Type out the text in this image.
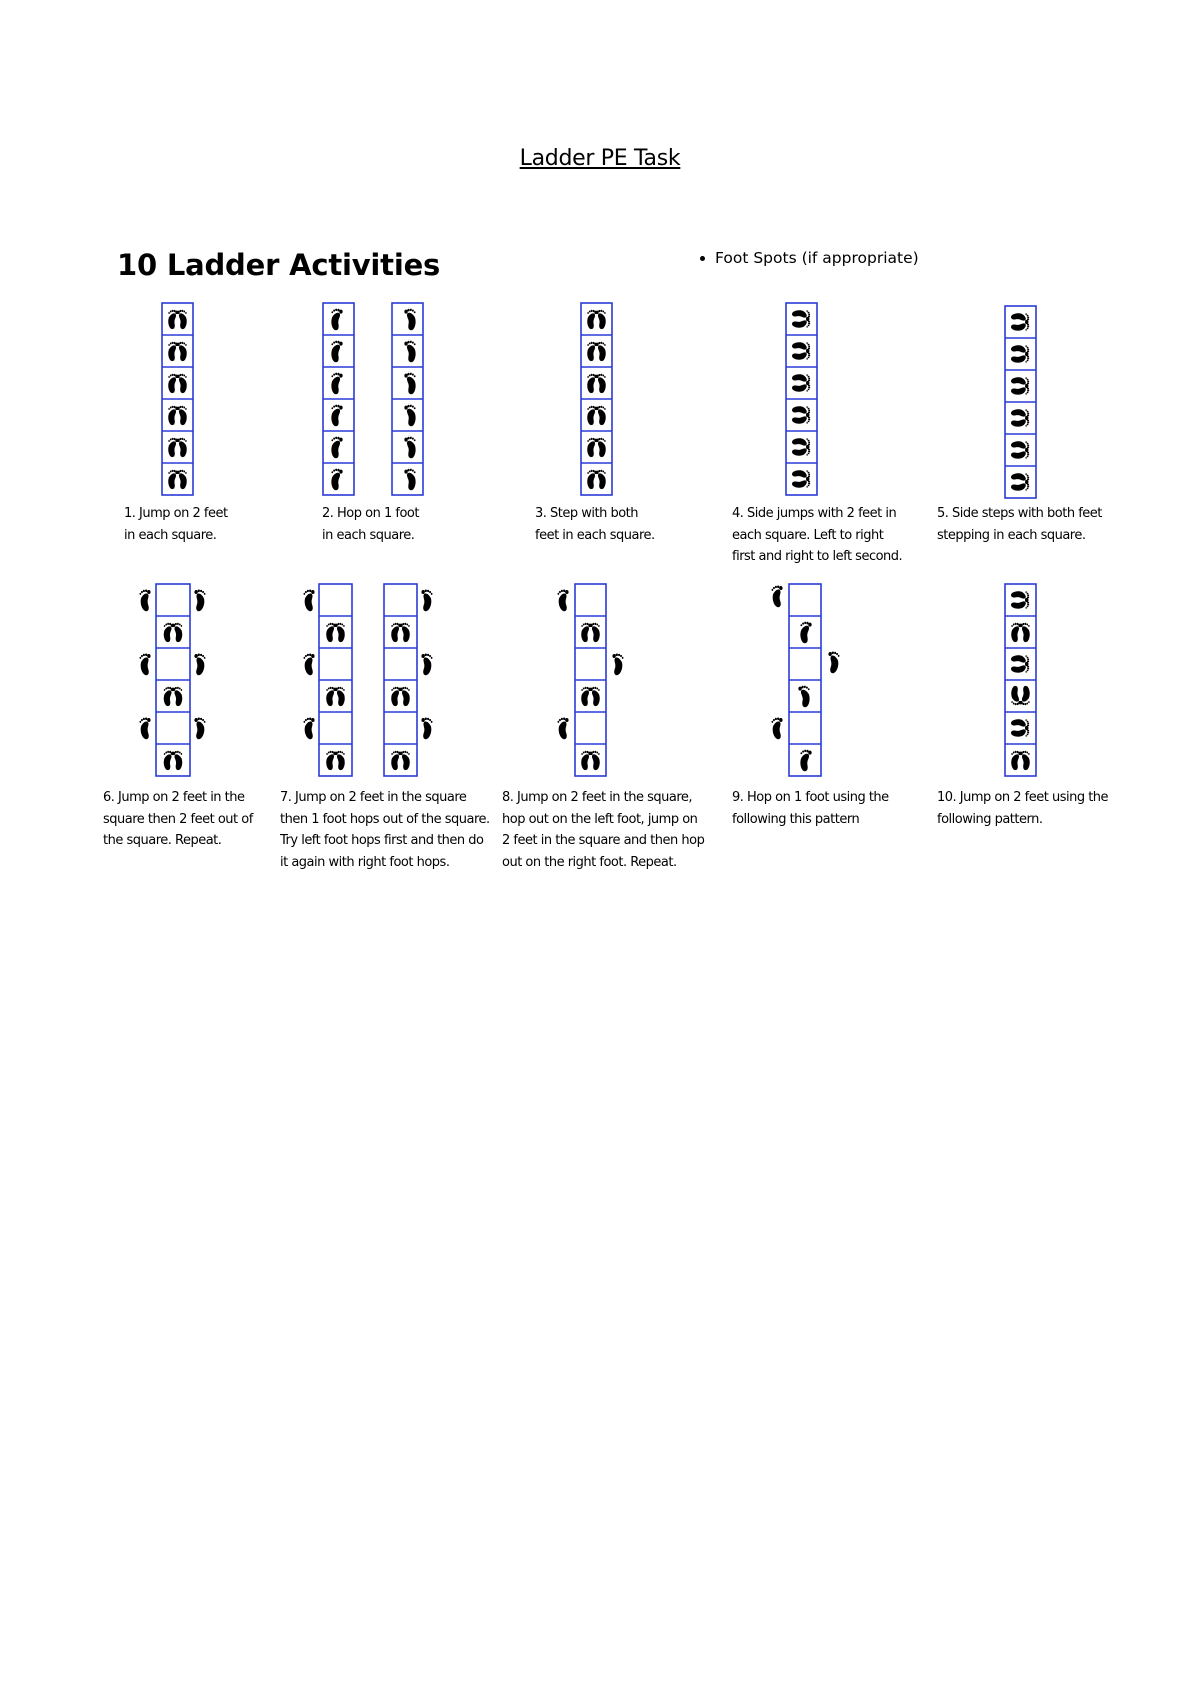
Ladder PE Task
10 Ladder Activities	Foot Spots (if appropriate)
1. Jump on 2 feet
in each square.
2. Hop on 1 foot
in each square.
3. Step with both
feet in each square.
4. Side jumps with 2 feet in
each square. Left to right
first and right to left second.
5. Side steps with both feet
stepping in each square.
6. Jump on 2 feet in the
square then 2 feet out of
the square. Repeat.
7. Jump on 2 feet in the square
then 1 foot hops out of the square.
Try left foot hops first and then do
it again with right foot hops.
8. Jump on 2 feet in the square,
hop out on the left foot, jump on
2 feet in the square and then hop
out on the right foot. Repeat.
9. Hop on 1 foot using the
following this pattern
10. Jump on 2 feet using the
following pattern.
